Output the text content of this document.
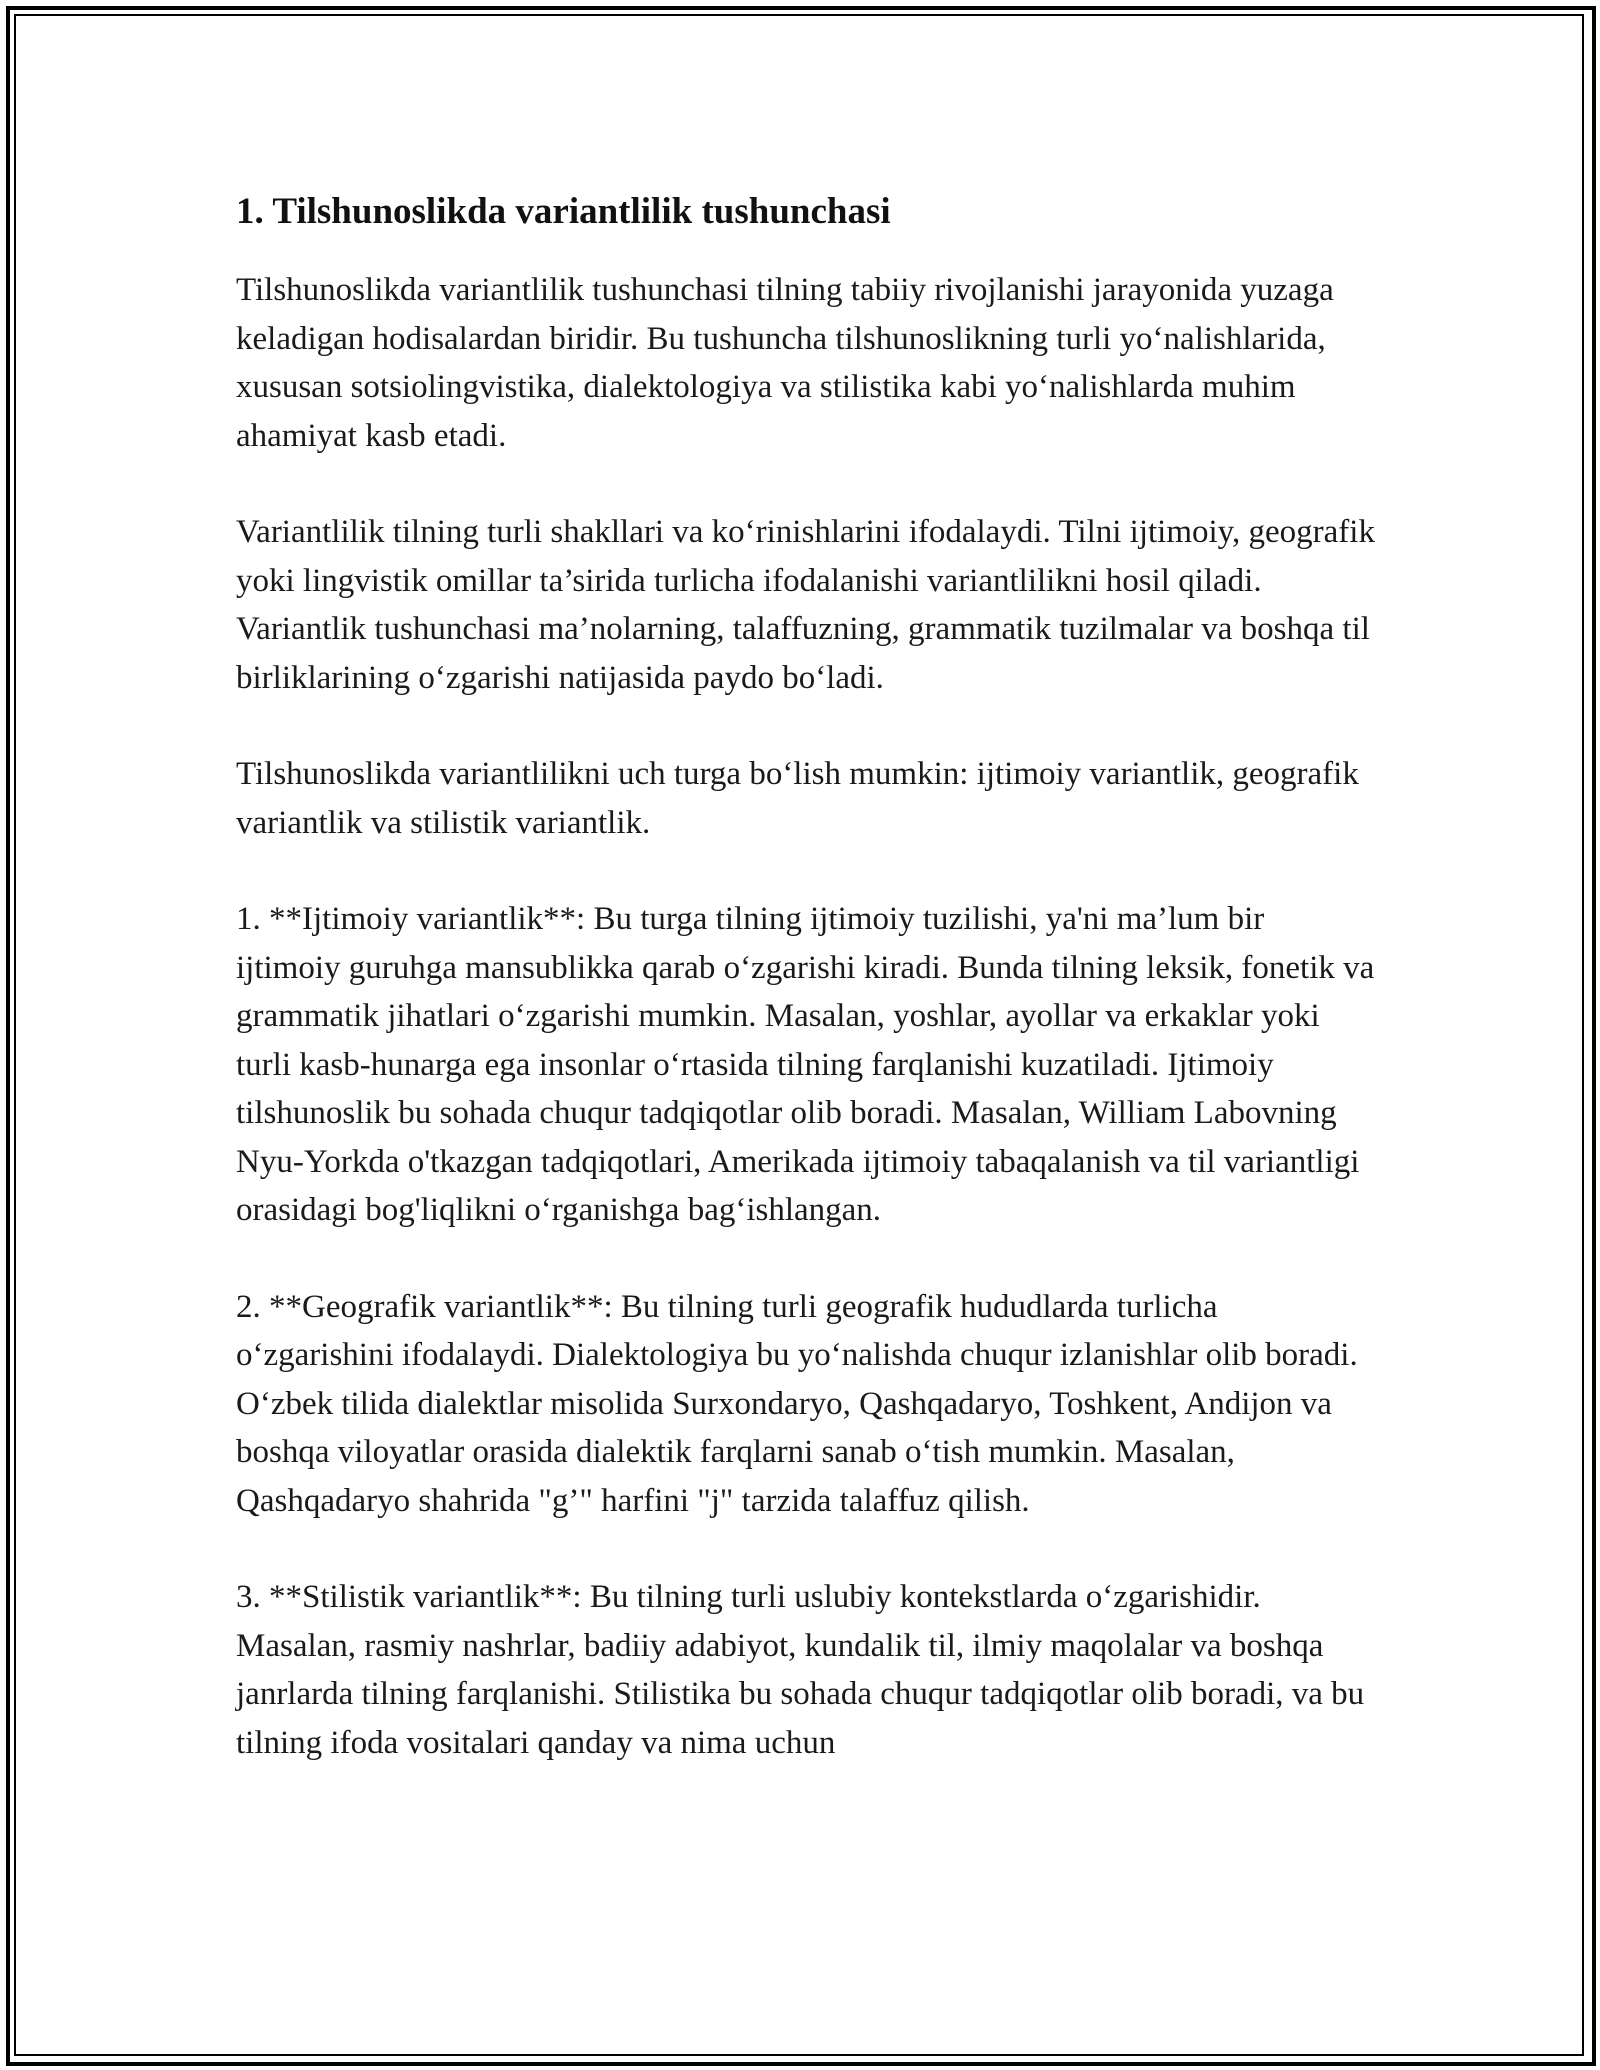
1. Tilshunoslikda variantlilik tushunchasi

Tilshunoslikda variantlilik tushunchasi tilning tabiiy rivojlanishi jarayonida yuzaga keladigan hodisalardan biridir. Bu tushuncha tilshunoslikning turli yo‘nalishlarida, xususan sotsiolingvistika, dialektologiya va stilistika kabi yo‘nalishlarda muhim ahamiyat kasb etadi.

Variantlilik tilning turli shakllari va ko‘rinishlarini ifodalaydi. Tilni ijtimoiy, geografik yoki lingvistik omillar ta’sirida turlicha ifodalanishi variantlilikni hosil qiladi. Variantlik tushunchasi ma’nolarning, talaffuzning, grammatik tuzilmalar va boshqa til birliklarining o‘zgarishi natijasida paydo bo‘ladi.

Tilshunoslikda variantlilikni uch turga bo‘lish mumkin: ijtimoiy variantlik, geografik variantlik va stilistik variantlik.

1. **Ijtimoiy variantlik**: Bu turga tilning ijtimoiy tuzilishi, ya'ni ma’lum bir ijtimoiy guruhga mansublikka qarab o‘zgarishi kiradi. Bunda tilning leksik, fonetik va grammatik jihatlari o‘zgarishi mumkin. Masalan, yoshlar, ayollar va erkaklar yoki turli kasb-hunarga ega insonlar o‘rtasida tilning farqlanishi kuzatiladi. Ijtimoiy tilshunoslik bu sohada chuqur tadqiqotlar olib boradi. Masalan, William Labovning Nyu-Yorkda o'tkazgan tadqiqotlari, Amerikada ijtimoiy tabaqalanish va til variantligi orasidagi bog'liqlikni o‘rganishga bag‘ishlangan.

2. **Geografik variantlik**: Bu tilning turli geografik hududlarda turlicha o‘zgarishini ifodalaydi. Dialektologiya bu yo‘nalishda chuqur izlanishlar olib boradi. O‘zbek tilida dialektlar misolida Surxondaryo, Qashqadaryo, Toshkent, Andijon va boshqa viloyatlar orasida dialektik farqlarni sanab o‘tish mumkin. Masalan, Qashqadaryo shahrida "g’" harfini "j" tarzida talaffuz qilish.

3. **Stilistik variantlik**: Bu tilning turli uslubiy kontekstlarda o‘zgarishidir. Masalan, rasmiy nashrlar, badiiy adabiyot, kundalik til, ilmiy maqolalar va boshqa janrlarda tilning farqlanishi. Stilistika bu sohada chuqur tadqiqotlar olib boradi, va bu tilning ifoda vositalari qanday va nima uchun
